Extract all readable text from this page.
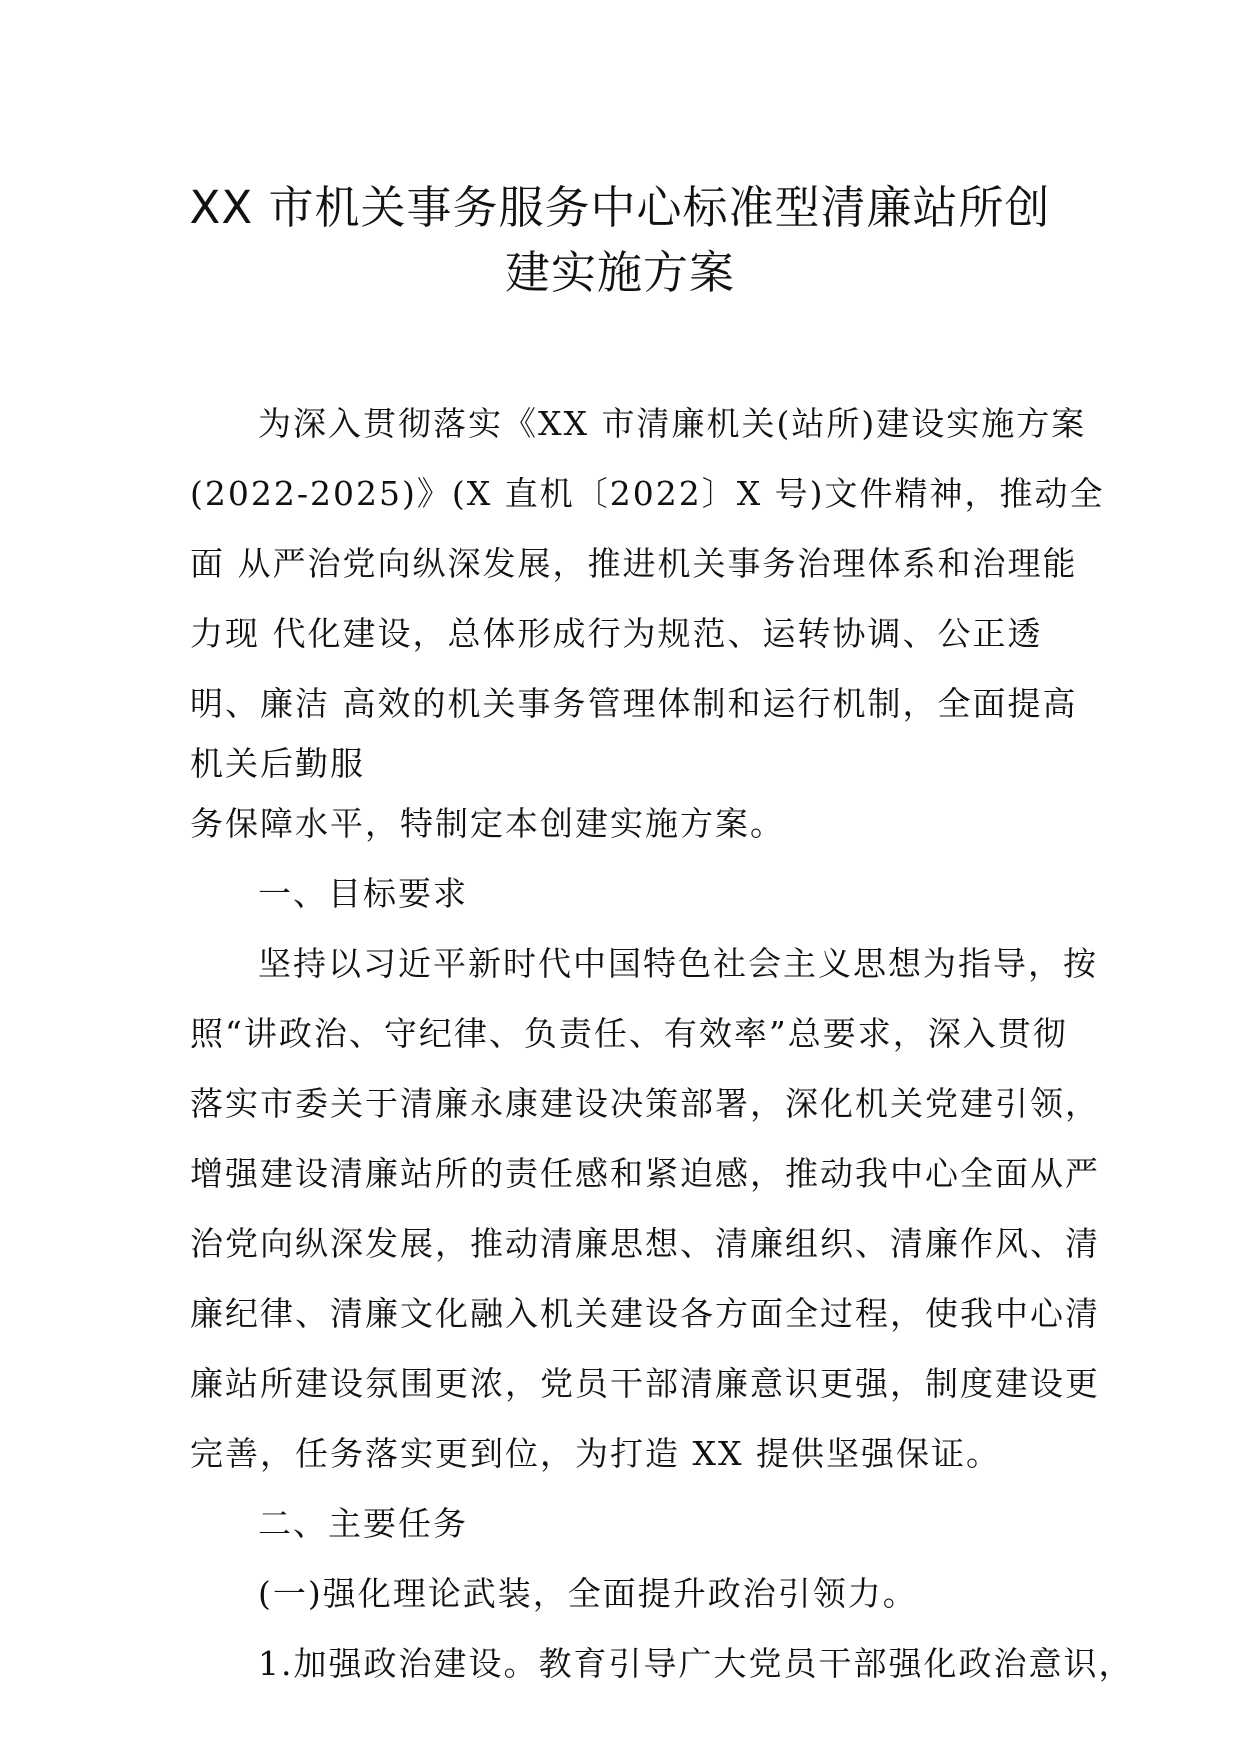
XX 市机关事务服务中心标准型清廉站所创
建实施方案
为深入贯彻落实《XX 市清廉机关(站所)建设实施方案
(2022-2025)》(X 直机〔2022〕X 号)文件精神，推动全
面 从严治党向纵深发展，推进机关事务治理体系和治理能
力现 代化建设，总体形成行为规范、运转协调、公正透
明、廉洁 高效的机关事务管理体制和运行机制，全面提高
机关后勤服
务保障水平，特制定本创建实施方案。
一、目标要求
坚持以习近平新时代中国特色社会主义思想为指导，按
照“讲政治、守纪律、负责任、有效率”总要求，深入贯彻
落实市委关于清廉永康建设决策部署，深化机关党建引领，
增强建设清廉站所的责任感和紧迫感，推动我中心全面从严
治党向纵深发展，推动清廉思想、清廉组织、清廉作风、清
廉纪律、清廉文化融入机关建设各方面全过程，使我中心清
廉站所建设氛围更浓，党员干部清廉意识更强，制度建设更
完善，任务落实更到位，为打造 XX 提供坚强保证。
二、主要任务
(一)强化理论武装，全面提升政治引领力。
1.加强政治建设。教育引导广大党员干部强化政治意识，
